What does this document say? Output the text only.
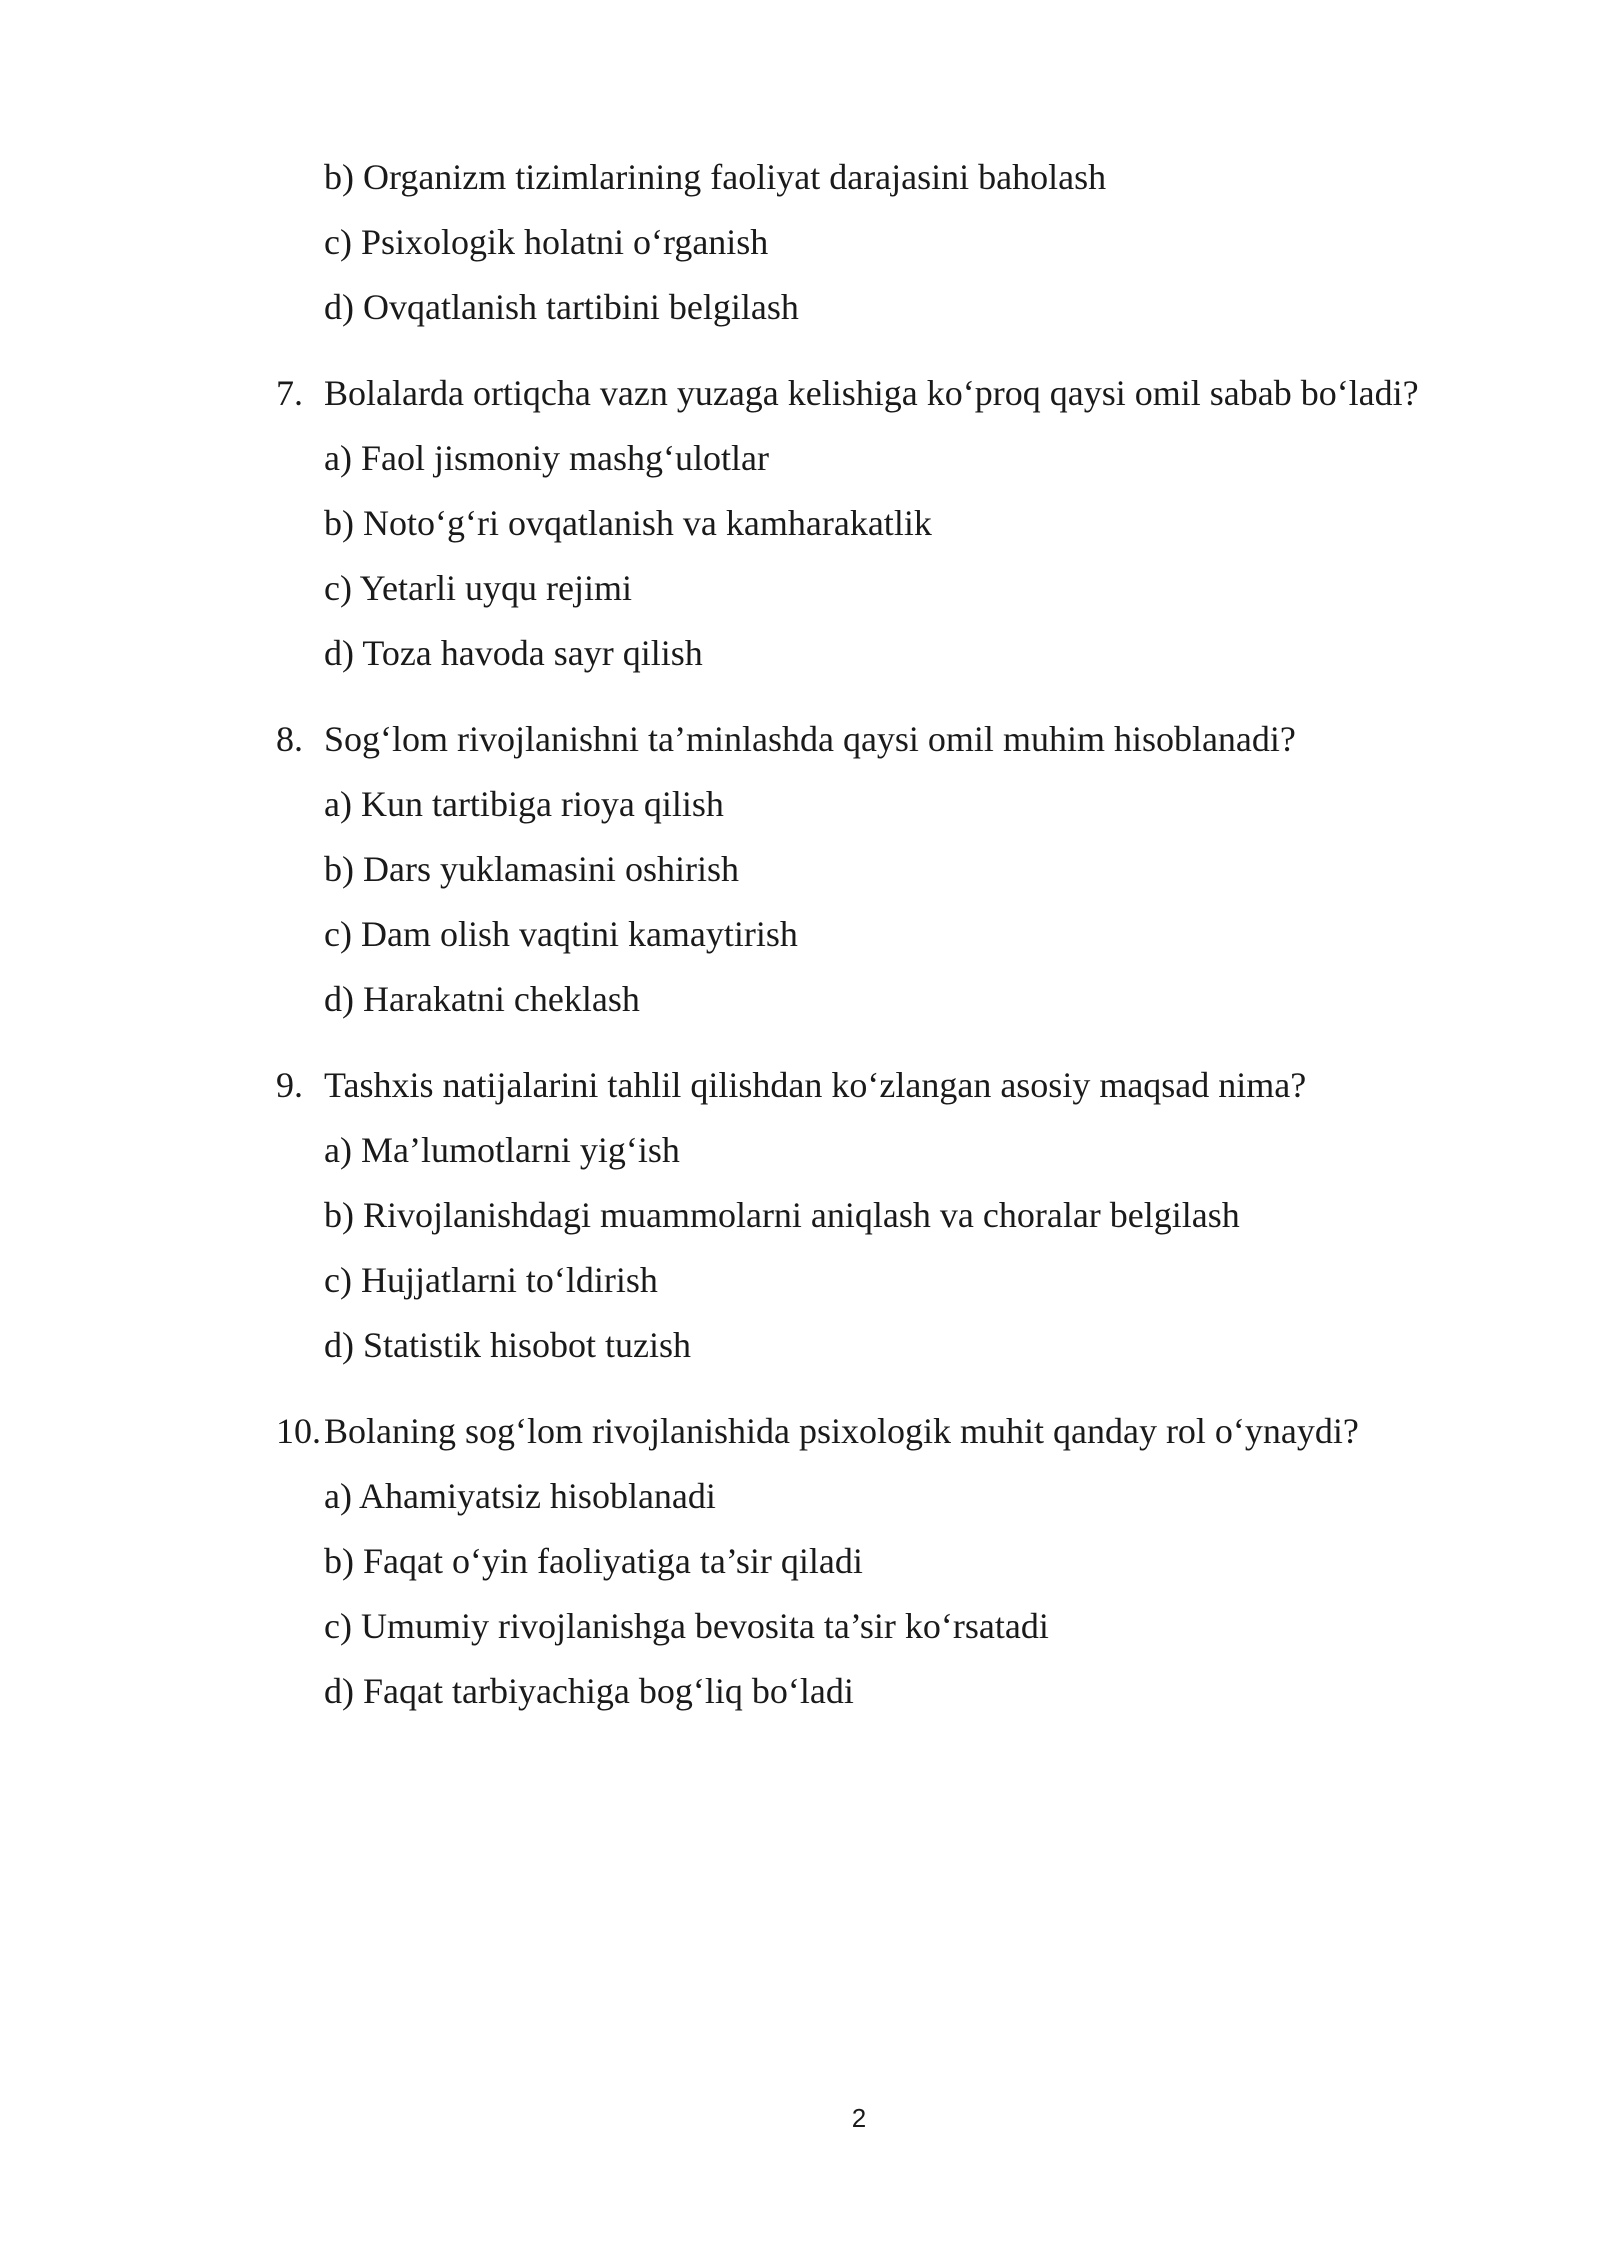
b) Organizm tizimlarining faoliyat darajasini baholash
c) Psixologik holatni o‘rganish
d) Ovqatlanish tartibini belgilash
7. Bolalarda ortiqcha vazn yuzaga kelishiga ko‘proq qaysi omil sabab bo‘ladi?
a) Faol jismoniy mashg‘ulotlar
b) Noto‘g‘ri ovqatlanish va kamharakatlik
c) Yetarli uyqu rejimi
d) Toza havoda sayr qilish
8. Sog‘lom rivojlanishni ta’minlashda qaysi omil muhim hisoblanadi?
a) Kun tartibiga rioya qilish
b) Dars yuklamasini oshirish
c) Dam olish vaqtini kamaytirish
d) Harakatni cheklash
9. Tashxis natijalarini tahlil qilishdan ko‘zlangan asosiy maqsad nima?
a) Ma’lumotlarni yig‘ish
b) Rivojlanishdagi muammolarni aniqlash va choralar belgilash
c) Hujjatlarni to‘ldirish
d) Statistik hisobot tuzish
10. Bolaning sog‘lom rivojlanishida psixologik muhit qanday rol o‘ynaydi?
a) Ahamiyatsiz hisoblanadi
b) Faqat o‘yin faoliyatiga ta’sir qiladi
c) Umumiy rivojlanishga bevosita ta’sir ko‘rsatadi
d) Faqat tarbiyachiga bog‘liq bo‘ladi
2
